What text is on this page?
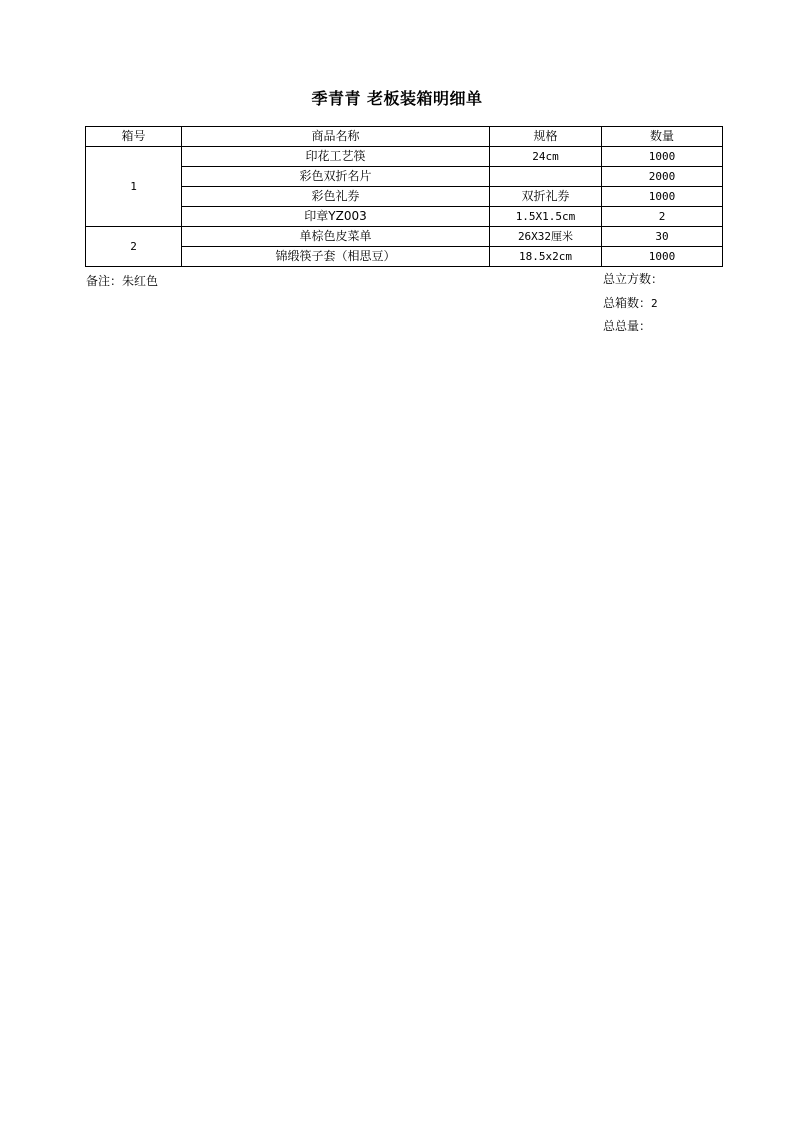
季青青 老板装箱明细单
箱号	商品名称	规格	数量
1	印花工艺筷	24cm	1000
	彩色双折名片		2000
	彩色礼券	双折礼券	1000
	印章YZ003	1.5X1.5cm	2
2	单棕色皮菜单	26X32厘米	30
	锦缎筷子套（相思豆）	18.5x2cm	1000
备注：朱红色	总立方数：
总箱数：2
总总量：
